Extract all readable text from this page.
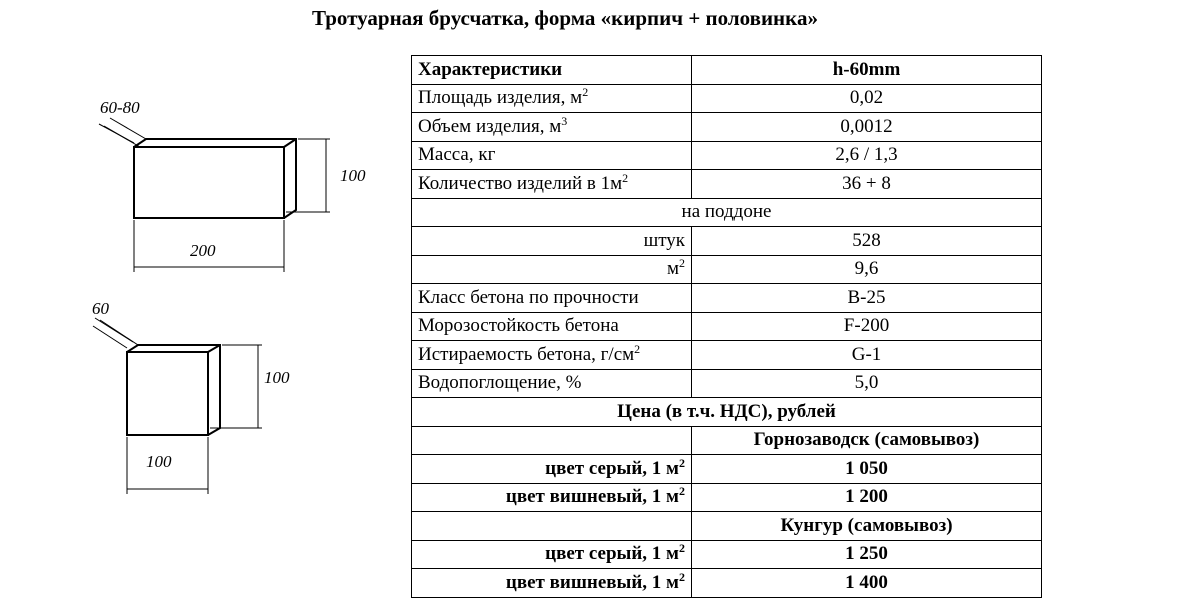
Тротуарная брусчатка, форма «кирпич + половинка»
60-80
100
200
60
100
100
Характеристики	h-60mm
Площадь изделия, $м^2$	0,02
Объем изделия, $м^3$	0,0012
Масса, кг	2,6 / 1,3
Количество изделий в $1м^2$	36 + 8
на поддоне	
штук	528
$м^2$	9,6
Класс бетона по прочности	B-25
Морозостойкость бетона	F-200
Истираемость бетона, $г/см^2$	G-1
Водопоглощение, %	5,0
Цена (в т.ч. НДС), рублей	
	Горнозаводск (самовывоз)
цвет серый, 1 $м^2$	1 050
цвет вишневый, 1 $м^2$	1 200
	Кунгур (самовывоз)
цвет серый, 1 $м^2$	1 250
цвет вишневый, 1 $м^2$	1 400
